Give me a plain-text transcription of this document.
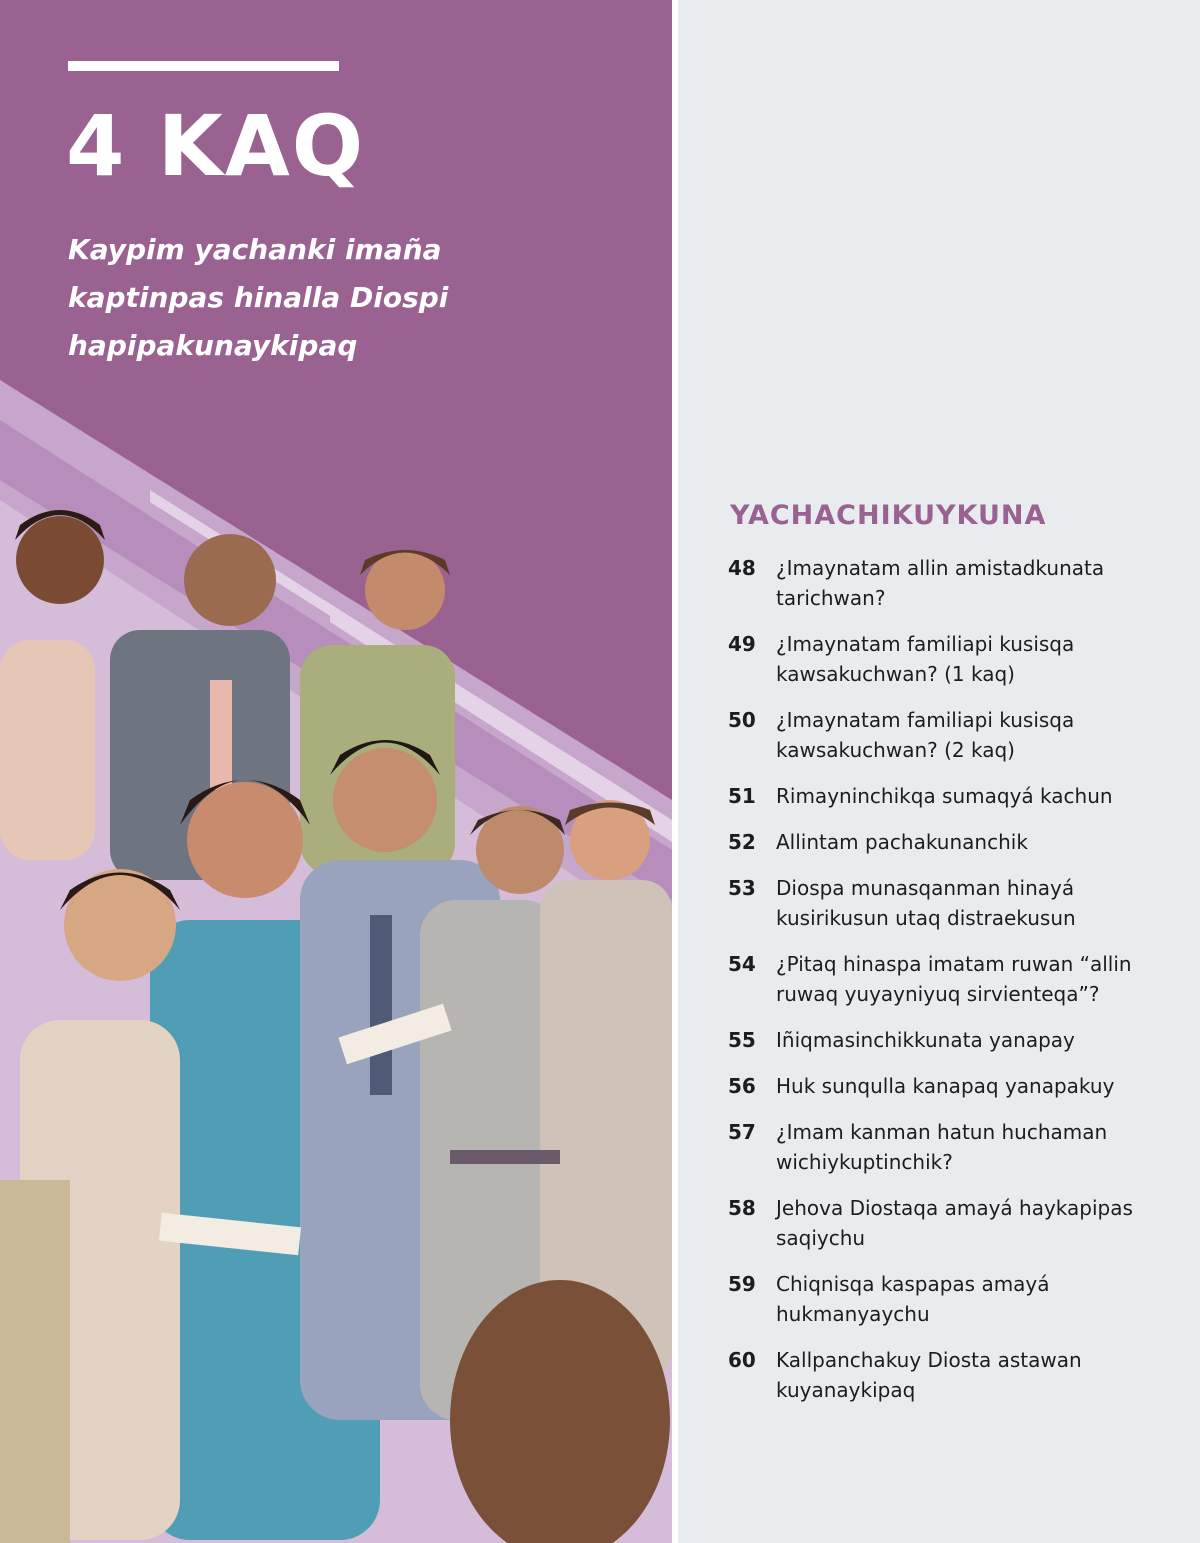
4 KAQ

Kaypim yachanki imaña kaptinpas hinalla Diospi hapipakunaykipaq

YACHACHIKUYKUNA
48	¿Imaynatam allin amistadkunata tarichwan?
49	¿Imaynatam familiapi kusisqa kawsakuchwan? (1 kaq)
50	¿Imaynatam familiapi kusisqa kawsakuchwan? (2 kaq)
51	Rimayninchikqa sumaqyá kachun
52	Allintam pachakunanchik
53	Diospa munasqanman hinayá kusirikusun utaq distraekusun
54	¿Pitaq hinaspa imatam ruwan “allin ruwaq yuyayniyuq sirvienteqa”?
55	Iñiqmasinchikkunata yanapay
56	Huk sunqulla kanapaq yanapakuy
57	¿Imam kanman hatun huchaman wichiykuptinchik?
58	Jehova Diostaqa amayá haykapipas saqiychu
59	Chiqnisqa kaspapas amayá hukmanyaychu
60	Kallpanchakuy Diosta astawan kuyanaykipaq
